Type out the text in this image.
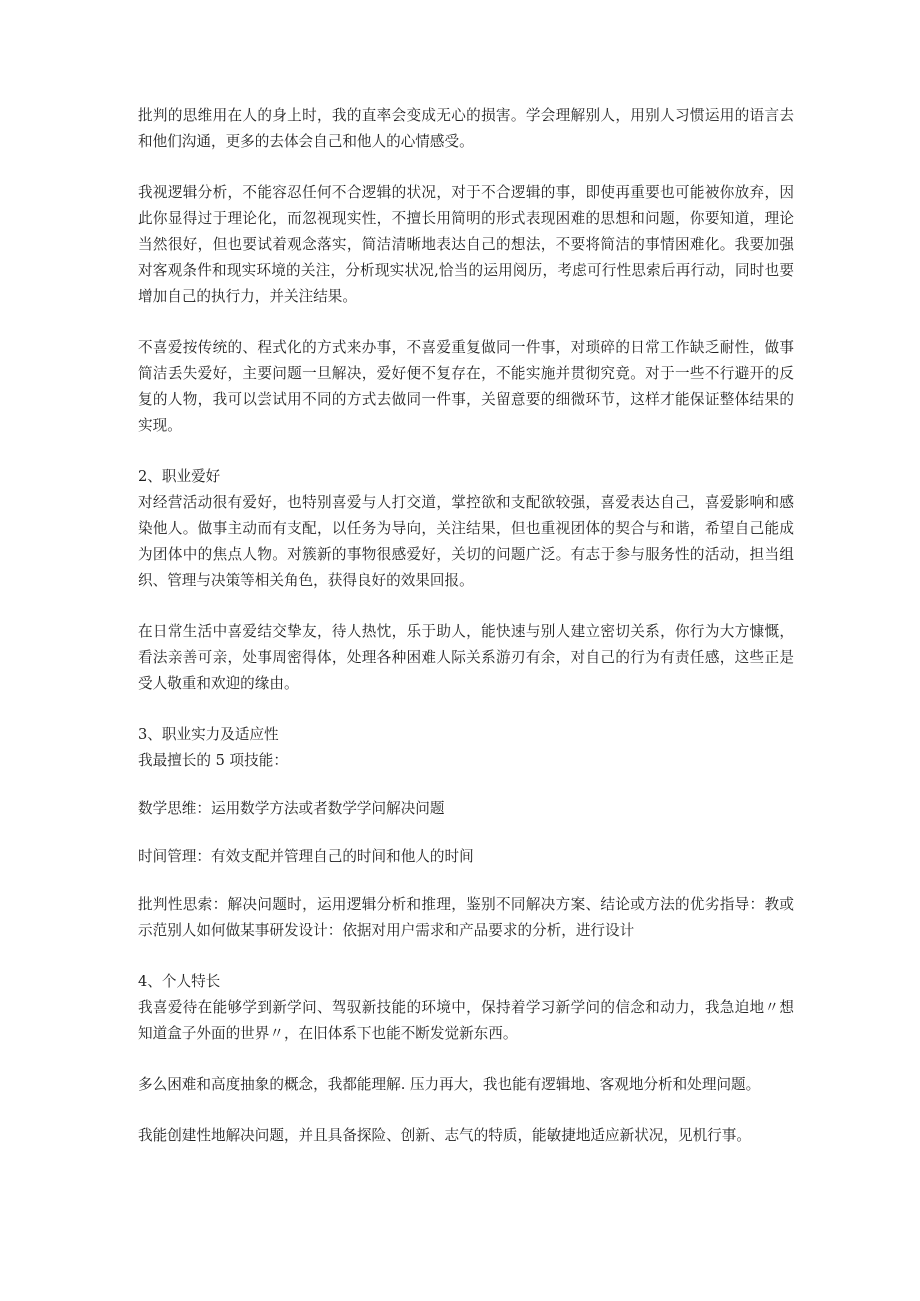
批判的思维用在人的身上时，我的直率会变成无心的损害。学会理解别人，用别人习惯运用的语言去和他们沟通，更多的去体会自己和他人的心情感受。

我视逻辑分析，不能容忍任何不合逻辑的状况，对于不合逻辑的事，即使再重要也可能被你放弃，因此你显得过于理论化，而忽视现实性，不擅长用简明的形式表现困难的思想和问题，你要知道，理论当然很好，但也要试着观念落实，简洁清晰地表达自己的想法，不要将简洁的事情困难化。我要加强对客观条件和现实环境的关注，分析现实状况,恰当的运用阅历，考虑可行性思索后再行动，同时也要增加自己的执行力，并关注结果。

不喜爱按传统的、程式化的方式来办事，不喜爱重复做同一件事，对琐碎的日常工作缺乏耐性，做事简洁丢失爱好，主要问题一旦解决，爱好便不复存在，不能实施并贯彻究竟。对于一些不行避开的反复的人物，我可以尝试用不同的方式去做同一件事，关留意要的细微环节，这样才能保证整体结果的实现。

2、职业爱好

对经营活动很有爱好，也特别喜爱与人打交道，掌控欲和支配欲较强，喜爱表达自己，喜爱影响和感染他人。做事主动而有支配，以任务为导向，关注结果，但也重视团体的契合与和谐，希望自己能成为团体中的焦点人物。对簇新的事物很感爱好，关切的问题广泛。有志于参与服务性的活动，担当组织、管理与决策等相关角色，获得良好的效果回报。

在日常生活中喜爱结交挚友，待人热忱，乐于助人，能快速与别人建立密切关系，你行为大方慷慨，看法亲善可亲，处事周密得体，处理各种困难人际关系游刃有余，对自己的行为有责任感，这些正是受人敬重和欢迎的缘由。

3、职业实力及适应性

我最擅长的 5 项技能：

数学思维：运用数学方法或者数学学问解决问题

时间管理：有效支配并管理自己的时间和他人的时间

批判性思索：解决问题时，运用逻辑分析和推理，鉴别不同解决方案、结论或方法的优劣指导：教或示范别人如何做某事研发设计：依据对用户需求和产品要求的分析，进行设计

4、个人特长

我喜爱待在能够学到新学问、驾驭新技能的环境中，保持着学习新学问的信念和动力，我急迫地〃想知道盒子外面的世界〃，在旧体系下也能不断发觉新东西。

多么困难和高度抽象的概念，我都能理解. 压力再大，我也能有逻辑地、客观地分析和处理问题。

我能创建性地解决问题，并且具备探险、创新、志气的特质，能敏捷地适应新状况，见机行事。
